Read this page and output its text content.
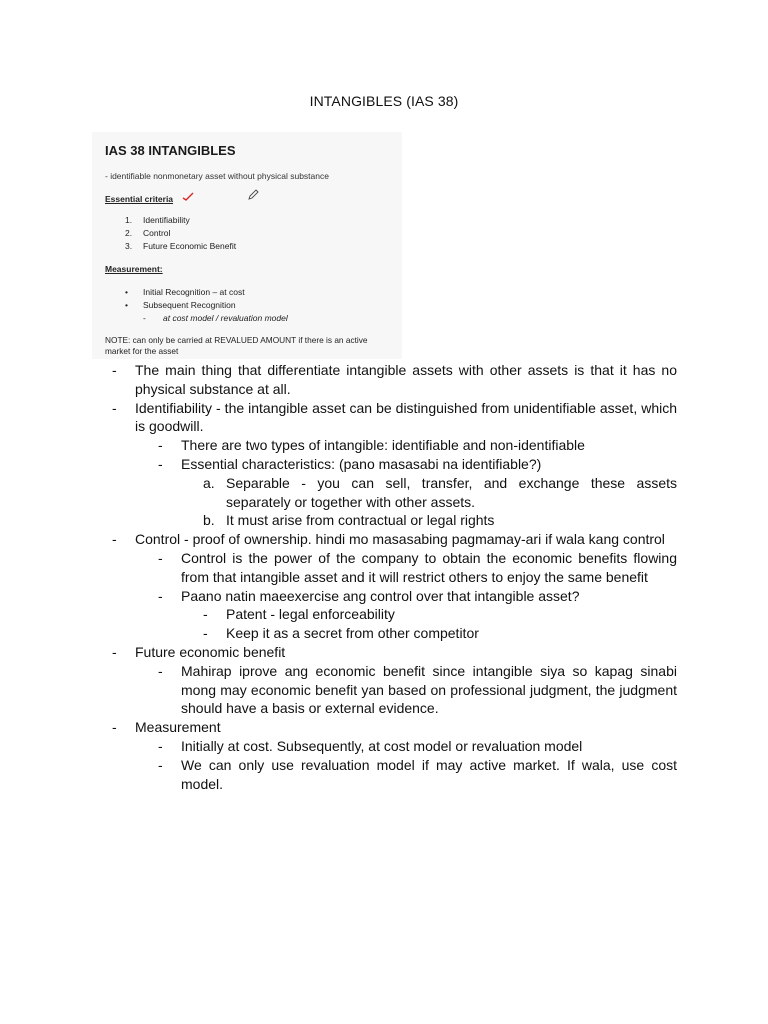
INTANGIBLES (IAS 38)
IAS 38 INTANGIBLES
- identifiable nonmonetary asset without physical substance
Essential criteria
1. Identifiability
2. Control
3. Future Economic Benefit
Measurement:
• Initial Recognition – at cost
• Subsequent Recognition
- at cost model / revaluation model
NOTE: can only be carried at REVALUED AMOUNT if there is an active market for the asset
- The main thing that differentiate intangible assets with other assets is that it has no physical substance at all.
- Identifiability - the intangible asset can be distinguished from unidentifiable asset, which is goodwill.
- There are two types of intangible: identifiable and non-identifiable
- Essential characteristics: (pano masasabi na identifiable?)
a. Separable - you can sell, transfer, and exchange these assets separately or together with other assets.
b. It must arise from contractual or legal rights
- Control - proof of ownership. hindi mo masasabing pagmamay-ari if wala kang control
- Control is the power of the company to obtain the economic benefits flowing from that intangible asset and it will restrict others to enjoy the same benefit
- Paano natin maeexercise ang control over that intangible asset?
- Patent - legal enforceability
- Keep it as a secret from other competitor
- Future economic benefit
- Mahirap iprove ang economic benefit since intangible siya so kapag sinabi mong may economic benefit yan based on professional judgment, the judgment should have a basis or external evidence.
- Measurement
- Initially at cost. Subsequently, at cost model or revaluation model
- We can only use revaluation model if may active market. If wala, use cost model.
